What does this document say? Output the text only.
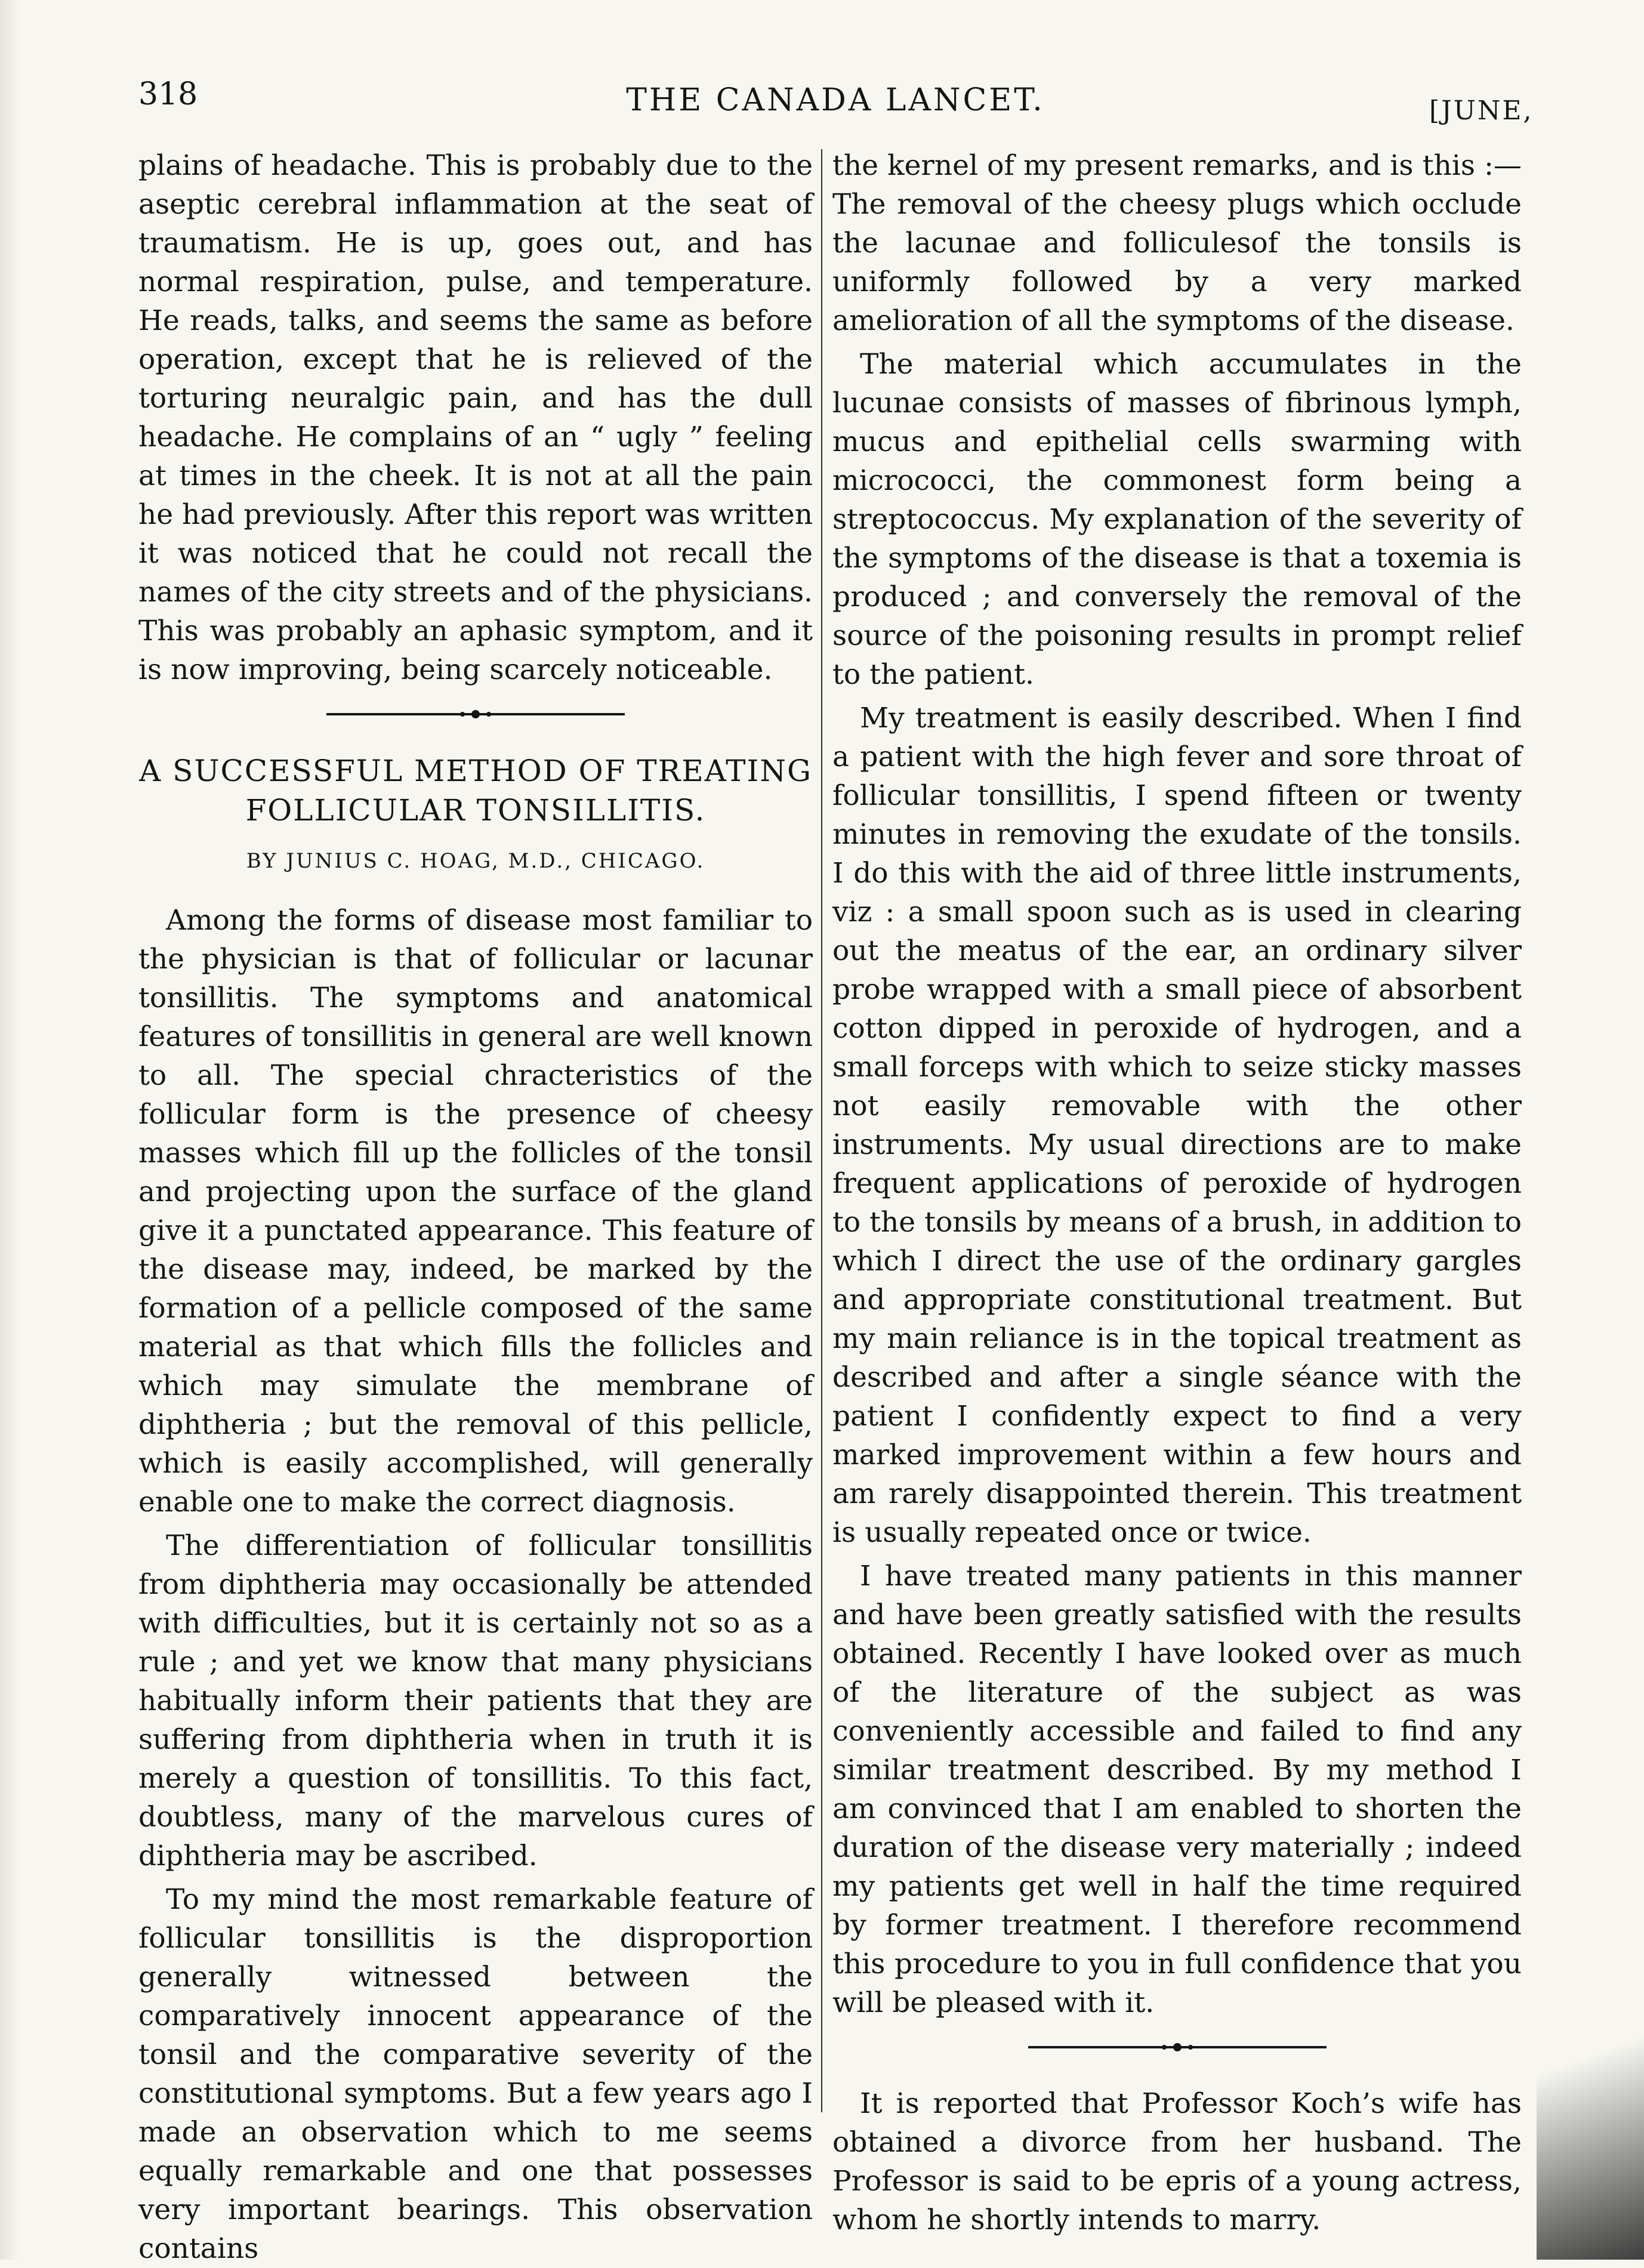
318	THE CANADA LANCET.	[JUNE,

plains of headache. This is probably due to the aseptic cerebral inflammation at the seat of traumatism. He is up, goes out, and has normal respiration, pulse, and temperature. He reads, talks, and seems the same as before operation, except that he is relieved of the torturing neuralgic pain, and has the dull headache. He complains of an “ ugly ” feeling at times in the cheek. It is not at all the pain he had previously. After this report was written it was noticed that he could not recall the names of the city streets and of the physicians. This was probably an aphasic symptom, and it is now improving, being scarcely noticeable.

A SUCCESSFUL METHOD OF TREATING FOLLICULAR TONSILLITIS.
BY JUNIUS C. HOAG, M.D., CHICAGO.

Among the forms of disease most familiar to the physician is that of follicular or lacunar tonsillitis. The symptoms and anatomical features of tonsillitis in general are well known to all. The special chracteristics of the follicular form is the presence of cheesy masses which fill up the follicles of the tonsil and projecting upon the surface of the gland give it a punctated appearance. This feature of the disease may, indeed, be marked by the formation of a pellicle composed of the same material as that which fills the follicles and which may simulate the membrane of diphtheria ; but the removal of this pellicle, which is easily accomplished, will generally enable one to make the correct diagnosis.

The differentiation of follicular tonsillitis from diphtheria may occasionally be attended with difficulties, but it is certainly not so as a rule ; and yet we know that many physicians habitually inform their patients that they are suffering from diphtheria when in truth it is merely a question of tonsillitis. To this fact, doubtless, many of the marvelous cures of diphtheria may be ascribed.

To my mind the most remarkable feature of follicular tonsillitis is the disproportion generally witnessed between the comparatively innocent appearance of the tonsil and the comparative severity of the constitutional symptoms. But a few years ago I made an observation which to me seems equally remarkable and one that possesses very important bearings. This observation contains

the kernel of my present remarks, and is this :— The removal of the cheesy plugs which occlude the lacunae and folliculesof the tonsils is uniformly followed by a very marked amelioration of all the symptoms of the disease.

The material which accumulates in the lucunae consists of masses of fibrinous lymph, mucus and epithelial cells swarming with micrococci, the commonest form being a streptococcus. My explanation of the severity of the symptoms of the disease is that a toxemia is produced ; and conversely the removal of the source of the poisoning results in prompt relief to the patient.

My treatment is easily described. When I find a patient with the high fever and sore throat of follicular tonsillitis, I spend fifteen or twenty minutes in removing the exudate of the tonsils. I do this with the aid of three little instruments, viz : a small spoon such as is used in clearing out the meatus of the ear, an ordinary silver probe wrapped with a small piece of absorbent cotton dipped in peroxide of hydrogen, and a small forceps with which to seize sticky masses not easily removable with the other instruments. My usual directions are to make frequent applications of peroxide of hydrogen to the tonsils by means of a brush, in addition to which I direct the use of the ordinary gargles and appropriate constitutional treatment. But my main reliance is in the topical treatment as described and after a single séance with the patient I confidently expect to find a very marked improvement within a few hours and am rarely disappointed therein. This treatment is usually repeated once or twice.

I have treated many patients in this manner and have been greatly satisfied with the results obtained. Recently I have looked over as much of the literature of the subject as was conveniently accessible and failed to find any similar treatment described. By my method I am convinced that I am enabled to shorten the duration of the disease very materially ; indeed my patients get well in half the time required by former treatment. I therefore recommend this procedure to you in full confidence that you will be pleased with it.

It is reported that Professor Koch’s wife has obtained a divorce from her husband. The Professor is said to be epris of a young actress, whom he shortly intends to marry.
